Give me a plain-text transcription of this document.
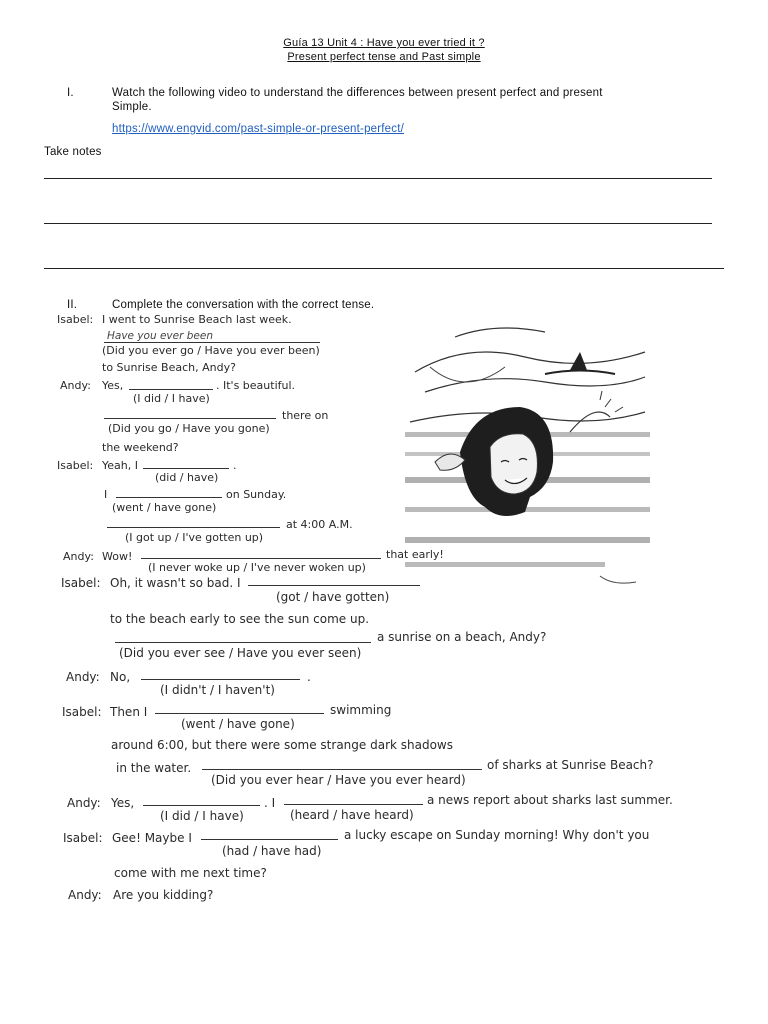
Guía 13 Unit 4 : Have you ever tried it ?
Present perfect tense and Past simple
I.	Watch the following video to understand the differences between present perfect and present
Simple.
https://www.engvid.com/past-simple-or-present-perfect/
Take notes
II.	Complete the conversation with the correct tense.
Isabel: I went to Sunrise Beach last week.
Have you ever been
(Did you ever go / Have you ever been)
to Sunrise Beach, Andy?
Andy: Yes,	. It's beautiful.
(I did / I have)
there on
(Did you go / Have you gone)
the weekend?
Isabel: Yeah, I	.
(did / have)
I	on Sunday.
(went / have gone)
at 4:00 A.M.
(I got up / I've gotten up)
Andy: Wow!	that early!
(I never woke up / I've never woken up)
Isabel: Oh, it wasn't so bad. I
(got / have gotten)
to the beach early to see the sun come up.
a sunrise on a beach, Andy?
(Did you ever see / Have you ever seen)
Andy: No,	.
(I didn't / I haven't)
Isabel: Then I	swimming
(went / have gone)
around 6:00, but there were some strange dark shadows
in the water.	of sharks at Sunrise Beach?
(Did you ever hear / Have you ever heard)
Andy: Yes,	. I	a news report about sharks last summer.
(I did / I have)	(heard / have heard)
Isabel: Gee! Maybe I	a lucky escape on Sunday morning! Why don't you
(had / have had)
come with me next time?
Andy: Are you kidding?
